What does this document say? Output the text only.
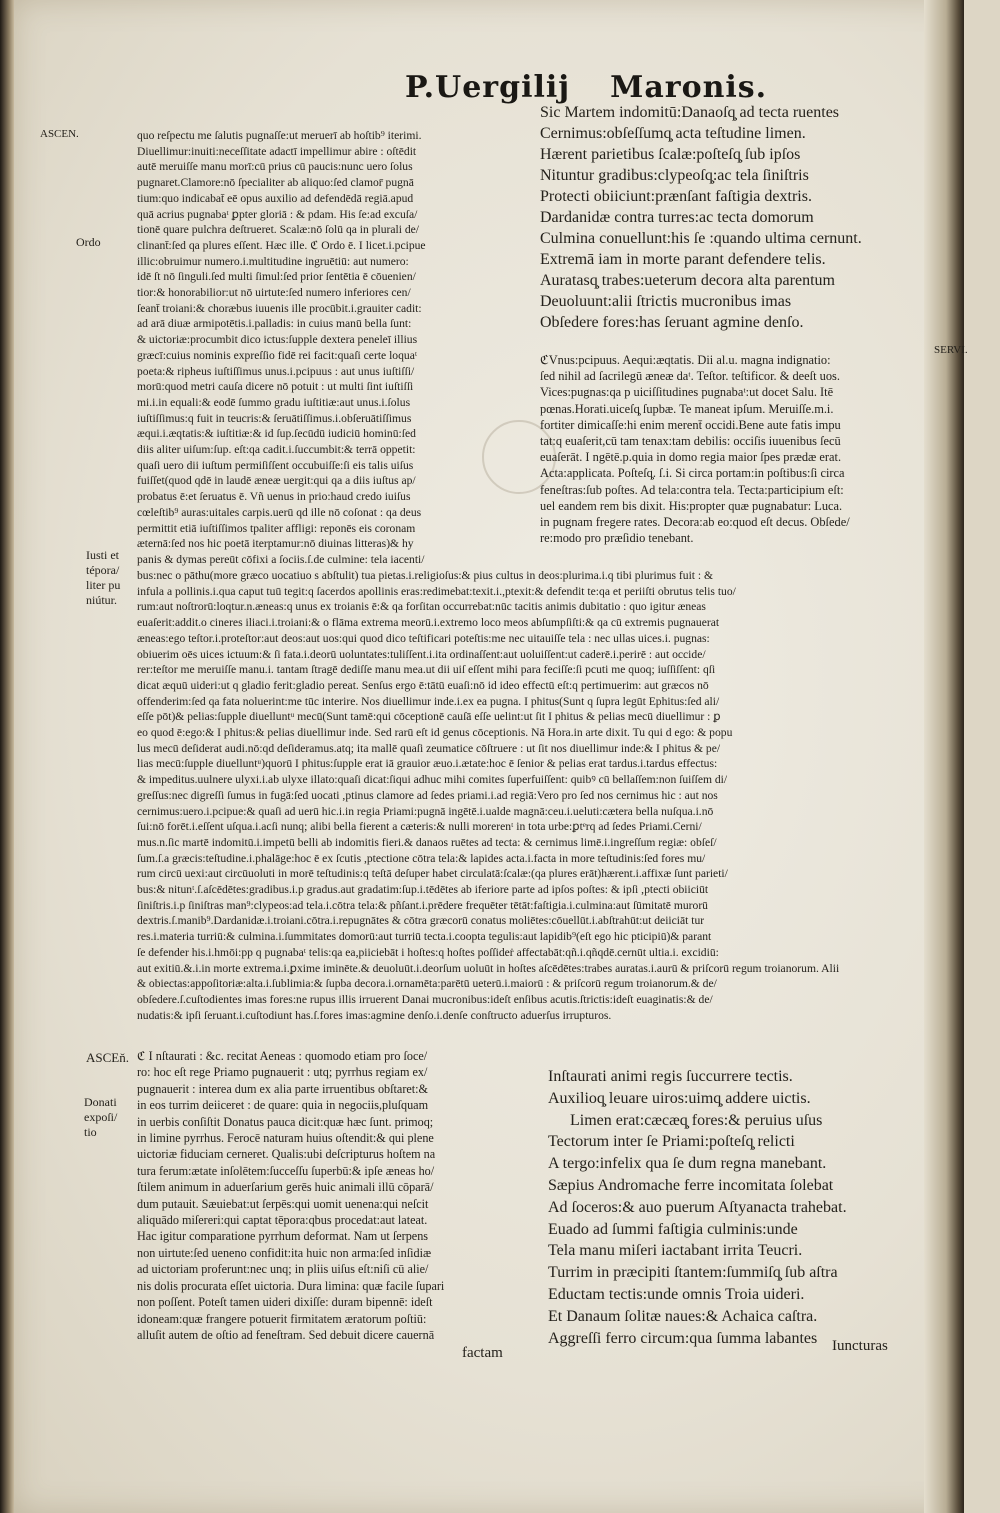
P.Uergilij Maronis.
ASCEN.
Ordo
Iusti et
tépora/
liter pu
niútur.
SERVI.
ASCEň.
Donati
expoſi/
tio
Sic Martem indomitū:Danaoſq̧ ad tecta ruentes
Cernimus:obſeſſumq̧ acta teſtudine limen.
Hærent parietibus ſcalæ:poſteſq̧ ſub ipſos
Nituntur gradibus:clypeoſq̧:ac tela ſiniſtris
Protecti obiiciunt:prænſant faſtigia dextris.
Dardanidæ contra turres:ac tecta domorum
Culmina conuellunt:his ſe :quando ultima cernunt.
Extremā iam in morte parant defendere telis.
Auratasq̧ trabes:ueterum decora alta parentum
Deuoluunt:alii ſtrictis mucronibus imas
Obſedere fores:has ſeruant agmine denſo.
quo reſpectu me ſalutis pugnaſſe:ut meruerī ab hoſtib⁹ iterimi.
Diuellimur:inuiti:neceſſitate adactī impellimur abire : oſtēdit
autē meruiſſe manu morī:cū prius cū paucis:nunc uero ſolus
pugnaret.Clamore:nō ſpecialiter ab aliquo:ſed clamor̄ pugnā
tium:quo indicabat̄ eē opus auxilio ad defendēdā regiā.apud
quā acrius pugnabaᵗ ꝑpter gloriā : & pdam. His ſe:ad excuſa/
tionē quare pulchra deſtrueret. Scalæ:nō ſolū qa in plurali de/
clinant̄:ſed qa plures eſſent. Hæc ille. ℭ Ordo ē. I licet.i.pcipue
illic:obruimur numero.i.multitudine ingruētiū: aut numero:
idē ſt nō ſinguli.ſed multi ſimul:ſed prior ſentētia ē cōuenien/
tior:& honorabilior:ut nō uirtute:ſed numero inferiores cen/
ſeant̄ troiani:& choræbus iuuenis ille procūbit.i.grauiter cadit:
ad arā diuæ armipotētis.i.palladis: in cuius manū bella ſunt:
& uictoriæ:procumbit dico ictus:ſupple dextera peneleī illius
græcī:cuius nominis expreſſio fidē rei facit:quaſi certe loquaᵗ
poeta:& ripheus iuſtiſſimus unus.i.pcipuus : aut unus iuſtiſſi/
morū:quod metri cauſa dicere nō potuit : ut multi ſint iuſtiſſi
mi.i.in equali:& eodē ſummo gradu iuſtitiæ:aut unus.i.ſolus
iuſtiſſimus:q fuit in teucris:& ſeruātiſſimus.i.obſeruātiſſimus
æqui.i.æqtatis:& iuſtitiæ:& id ſup.ſecūdū iudiciū hominū:ſed
diis aliter uiſum:ſup. eſt:qa cadit.i.ſuccumbit:& terrā oppetit:
quaſi uero dii iuſtum permiſiſſent occubuiſſe:ſi eis talis uiſus
fuiſſet(quod qdē in laudē æneæ uergit:qui qa a diis iuſtus ap/
probatus ē:et ſeruatus ē. Vñ uenus in prio:haud credo iuiſus
cœleſtib⁹ auras:uitales carpis.uerū qd ille nō coſonat : qa deus
permittit etiā iuſtiſſimos tpaliter affligi: reponēs eis coronam
æternā:ſed nos hic poetā iterptamur:nō diuinas litteras)& hy
panis & dymas pereūt cōfixi a ſociis.ſ.de culmine: tela iacenti/
ℭVnus:pcipuus. Aequi:æqtatis. Dii al.u. magna indignatio:
ſed nihil ad ſacrilegū æneæ daᵗ. Teſtor. teſtificor. & deeſt uos.
Vices:pugnas:qa p uiciſſitudines pugnabaᵗ:ut docet Salu. Itē
pœnas.Horati.uiceſq̧ ſupbæ. Te maneat ipſum. Meruiſſe.m.i.
fortiter dimicaſſe:hi enim merent̄ occidi.Bene aute fatis impu
tat:q euaſerit,cū tam tenax:tam debilis: occiſis iuuenibus ſecū
euaſerāt. I ngētē.p.quia in domo regia maior ſpes prædæ erat.
Acta:applicata. Poſteſq̧. ſ.i. Si circa portam:in poſtibus:ſi circa
feneſtras:ſub poſtes. Ad tela:contra tela. Tecta:participium eſt:
uel eandem rem bis dixit. His:propter quæ pugnabatur: Luca.
in pugnam fregere rates. Decora:ab eo:quod eſt decus. Obſede/
re:modo pro præſidio tenebant.
bus:nec o pāthu(more græco uocatiuo s abſtulit) tua pietas.i.religioſus:& pius cultus in deos:plurima.i.q tibi plurimus fuit : &
infula a pollinis.i.qua caput tuū tegit:q ſacerdos apollinis eras:redimebat:texit.i.,ptexit:& defendit te:qa et periiſti obrutus telis tuo/
rum:aut noſtrorū:loqtur.n.æneas:q unus ex troianis ē:& qa forſitan occurrebat:nūc tacitis animis dubitatio : quo igitur æneas
euaſerit:addit.o cineres iliaci.i.troiani:& o flāma extrema meorū.i.extremo loco meos abſumpſiſti:& qa cū extremis pugnauerat
æneas:ego teſtor.i.proteſtor:aut deos:aut uos:qui quod dico teſtificari poteſtis:me nec uitauiſſe tela : nec ullas uices.i. pugnas:
obiuerim oēs uices ictuum:& ſi fata.i.deorū uoluntates:tuliſſent.i.ita ordinaſſent:aut uoluiſſent:ut caderē.i.perirē : aut occide/
rer:teſtor me meruiſſe manu.i. tantam ſtragē dediſſe manu mea.ut dii uiſ eſſent mihi para feciſſe:ſi pcuti me quoq; iuſſiſſent: qſi
dicat æquū uideri:ut q gladio ferit:gladio pereat. Senſus ergo ē:tātū euaſi:nō id ideo effectū eſt:q pertimuerim: aut græcos nō
offenderim:ſed qa fata noluerint:me tūc interire. Nos diuellimur inde.i.ex ea pugna. I phitus(Sunt q ſupra legūt Ephitus:ſed ali/
eſſe pōt)& pelias:ſupple diuelluntᵘ mecū(Sunt tamē:qui cōceptionē cauſā eſſe uelint:ut ſit I phitus & pelias mecū diuellimur : ꝑ
eo quod ē:ego:& I phitus:& pelias diuellimur inde. Sed rarū eſt id genus cōceptionis. Nā Hora.in arte dixit. Tu qui d ego: & popu
lus mecū deſiderat audi.nō:qd deſideramus.atq; ita mallē quaſi zeumatice cōſtruere : ut ſit nos diuellimur inde:& I phitus & pe/
lias mecū:ſupple diuelluntᵘ)quorū I phitus:ſupple erat iā grauior æuo.i.ætate:hoc ē ſenior & pelias erat tardus.i.tardus effectus:
& impeditus.uulnere ulyxi.i.ab ulyxe illato:quaſi dicat:ſiqui adhuc mihi comites ſuperfuiſſent: quibꝰ cū bellaſſem:non ſuiſſem di/
greſſus:nec digreſſi ſumus in fugā:ſed uocati ,ptinus clamore ad ſedes priami.i.ad regiā:Vero pro ſed nos cernimus hic : aut nos
cernimus:uero.i.pcipue:& quaſi ad uerū hic.i.in regia Priami:pugnā ingētē.i.ualde magnā:ceu.i.ueluti:cætera bella nuſqua.i.nō
ſui:nō forēt.i.eſſent uſqua.i.acſi nunq; alibi bella fierent a cæteris:& nulli morerenᵗ in tota urbe:ꝑtᵉrq ad ſedes Priami.Cerni/
mus.n.ſic martē indomitū.i.impetū belli ab indomitis fieri.& danaos ruētes ad tecta: & cernimus limē.i.ingreſſum regiæ: obſeſ/
ſum.ſ.a græcis:teſtudine.i.phalāge:hoc ē ex ſcutis ,ptectione cōtra tela:& lapides acta.i.facta in more teſtudinis:ſed fores mu/
rum circū uexi:aut circūuoluti in morē teſtudinis:q teſtā deſuper habet circulatā:ſcalæ:(qa plures erāt)hærent.i.affixæ ſunt parieti/
bus:& nitunᵗ.ſ.aſcēdētes:gradibus.i.p gradus.aut gradatim:ſup.i.tēdētes ab iferiore parte ad ipſos poſtes: & ipſi ,ptecti obiiciūt
ſiniſtris.i.p ſiniſtras man⁹:clypeos:ad tela.i.cōtra tela:& pñſant.i.prēdere frequēter tētāt:faſtigia.i.culmina:aut ſūmitatē murorū
dextris.ſ.manib⁹.Dardanidæ.i.troiani.cōtra.i.repugnātes & cōtra græcorū conatus moliētes:cōuellūt.i.abſtrahūt:ut deiiciāt tur
res.i.materia turriū:& culmina.i.ſummitates domorū:aut turriū tecta.i.coopta tegulis:aut lapidib⁹(eſt ego hic pticipiū)& parant
ſe defender his.i.hmōi:pp q pugnabaᵗ telis:qa ea,piiciebāt i hoſtes:q hoſtes poſſideṙ affectabāt:qñ.i.qñqdē.cernūt ultia.i. excidiū:
aut exitiū.&.i.in morte extrema.i.ꝑxime iminēte.& deuoluūt.i.deorſum uoluūt in hoſtes aſcēdētes:trabes auratas.i.aurū & priſcorū regum troianorum. Alii
& obiectas:appoſitoriæ:alta.i.ſublimia:& ſupba decora.i.ornamēta:parētū ueterū.i.maiorū : & priſcorū regum troianorum.& de/
obſedere.ſ.cuſtodientes imas fores:ne rupus illis irruerent Danai mucronibus:ideſt enſibus acutis.ſtrictis:ideſt euaginatis:& de/
nudatis:& ipſi ſeruant.i.cuſtodiunt has.ſ.fores imas:agmine denſo.i.denſe conſtructo aduerſus irrupturos.
ℭ I nſtaurati : &c. recitat Aeneas : quomodo etiam pro ſoce/
ro: hoc eſt rege Priamo pugnauerit : utq; pyrrhus regiam ex/
pugnauerit : interea dum ex alia parte irruentibus obſtaret:&
in eos turrim deiiceret : de quare: quia in negociis,pluſquam
in uerbis conſiſtit Donatus pauca dicit:quæ hæc ſunt. primoq;
in limine pyrrhus. Ferocē naturam huius oſtendit:& qui plene
uictoriæ fiduciam cerneret. Qualis:ubi deſcripturus hoſtem na
tura ferum:ætate inſolētem:ſucceſſu ſuperbū:& ipſe æneas ho/
ſtilem animum in aduerſarium gerēs huic animali illū cōparā/
dum putauit. Sæuiebat:ut ſerpēs:qui uomit uenena:qui neſcit
aliquādo miſereri:qui captat tēpora:qbus procedat:aut lateat.
Hac igitur comparatione pyrrhum deformat. Nam ut ſerpens
non uirtute:ſed ueneno confidit:ita huic non arma:ſed inſidiæ
ad uictoriam proferunt:nec unq; in pliis uiſus eſt:niſi cū alie/
nis dolis procurata eſſet uictoria. Dura limina: quæ facile ſupari
non poſſent. Poteſt tamen uideri dixiſſe: duram bipennē: ideſt
idoneam:quæ frangere potuerit firmitatem æratorum poſtiū:
alluſit autem de oſtio ad feneſtram. Sed debuit dicere cauernā
Inſtaurati animi regis ſuccurrere tectis.
Auxilioq̧ leuare uiros:uimq̧ addere uictis.
Limen erat:cæcæq̧ fores:& peruius uſus
Tectorum inter ſe Priami:poſteſq̧ relicti
A tergo:infelix qua ſe dum regna manebant.
Sæpius Andromache ferre incomitata ſolebat
Ad ſoceros:& auo puerum Aſtyanacta trahebat.
Euado ad ſummi faſtigia culminis:unde
Tela manu miſeri iactabant irrita Teucri.
Turrim in præcipiti ſtantem:ſummiſq̧ ſub aſtra
Eductam tectis:unde omnis Troia uideri.
Et Danaum ſolitæ naues:& Achaica caſtra.
Aggreſſi ferro circum:qua ſumma labantes
factam	Iuncturas
